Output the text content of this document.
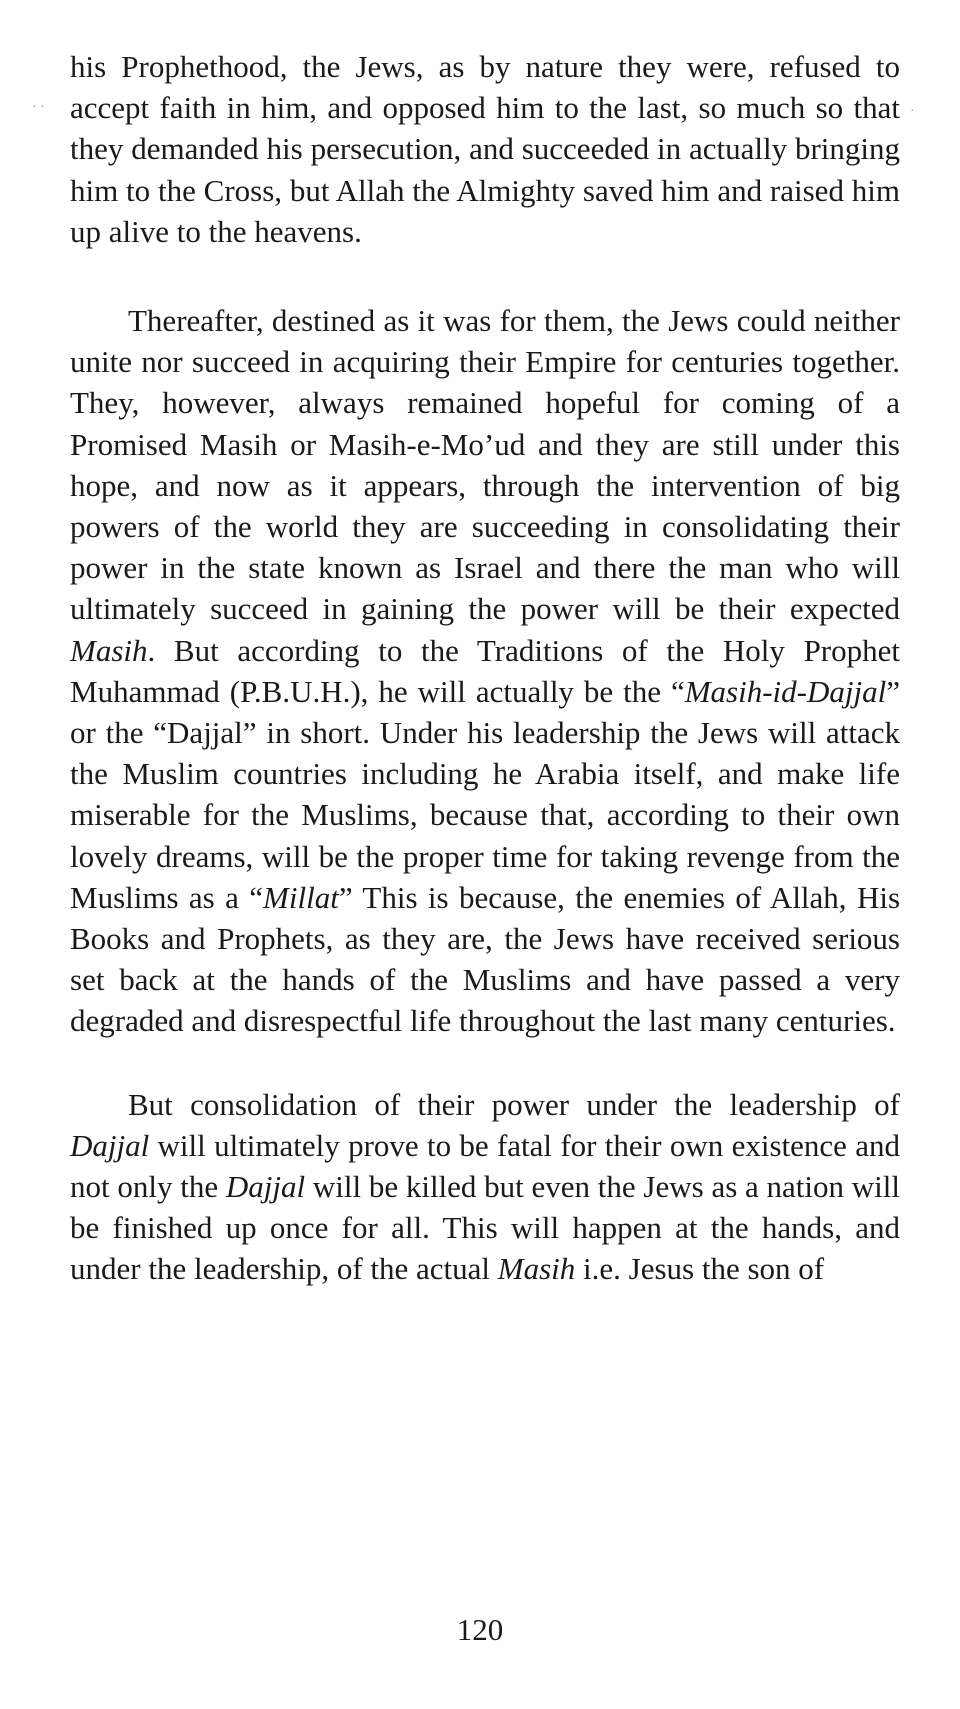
his Prophethood, the Jews, as by nature they were, refused to accept faith in him, and opposed him to the last, so much so that they demanded his persecution, and succeeded in actually bringing him to the Cross, but Allah the Almighty saved him and raised him up alive to the heavens.

Thereafter, destined as it was for them, the Jews could neither unite nor succeed in acquiring their Empire for centuries together. They, however, always remained hopeful for coming of a Promised Masih or Masih-e-Mo’ud and they are still under this hope, and now as it appears, through the intervention of big powers of the world they are succeeding in consolidating their power in the state known as Israel and there the man who will ultimately succeed in gaining the power will be their expected Masih. But according to the Traditions of the Holy Prophet Muhammad (P.B.U.H.), he will actually be the “Masih-id-Dajjal” or the “Dajjal” in short. Under his leadership the Jews will attack the Muslim countries including he Arabia itself, and make life miserable for the Muslims, because that, according to their own lovely dreams, will be the proper time for taking revenge from the Muslims as a “Millat” This is because, the enemies of Allah, His Books and Prophets, as they are, the Jews have received serious set back at the hands of the Muslims and have passed a very degraded and disrespectful life throughout the last many centuries.

But consolidation of their power under the leadership of Dajjal will ultimately prove to be fatal for their own existence and not only the Dajjal will be killed but even the Jews as a nation will be finished up once for all. This will happen at the hands, and under the leadership, of the actual Masih i.e. Jesus the son of

120
· ·	·
